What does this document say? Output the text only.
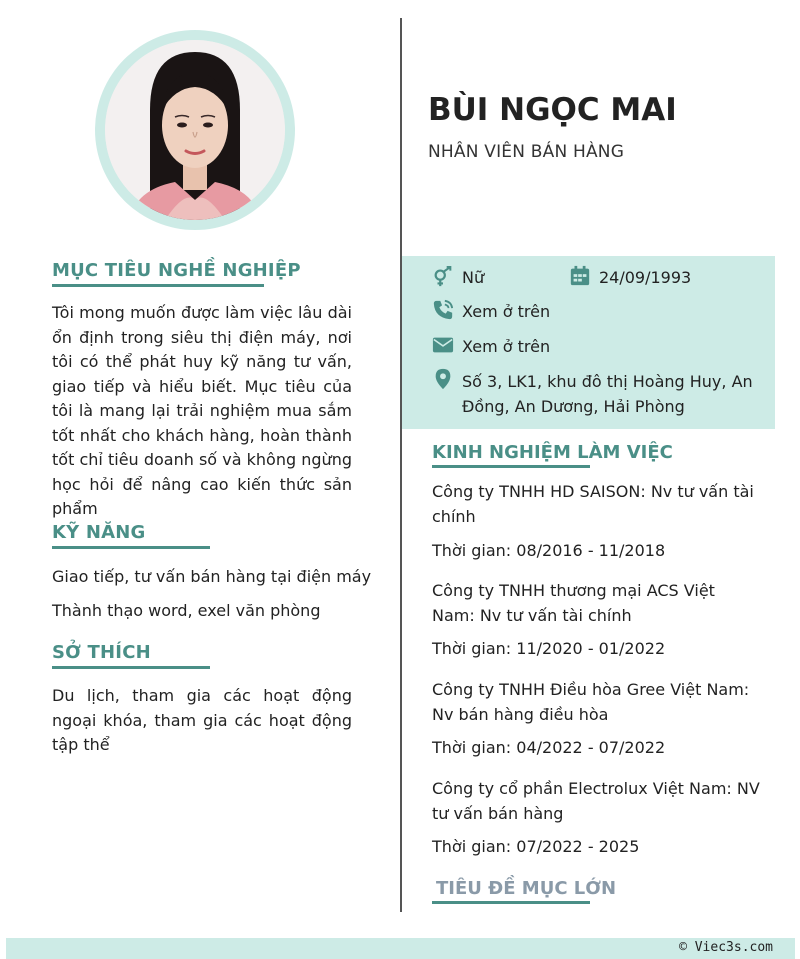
MỤC TIÊU NGHỀ NGHIỆP

Tôi mong muốn được làm việc lâu dài ổn định trong siêu thị điện máy, nơi tôi có thể phát huy kỹ năng tư vấn, giao tiếp và hiểu biết. Mục tiêu của tôi là mang lại trải nghiệm mua sắm tốt nhất cho khách hàng, hoàn thành tốt chỉ tiêu doanh số và không ngừng học hỏi để nâng cao kiến thức sản phẩm

KỸ NĂNG

Giao tiếp, tư vấn bán hàng tại điện máy

Thành thạo word, exel văn phòng

SỞ THÍCH

Du lịch, tham gia các hoạt động ngoại khóa, tham gia các hoạt động tập thể

BÙI NGỌC MAI

NHÂN VIÊN BÁN HÀNG

Nữ	24/09/1993

Xem ở trên

Xem ở trên

Số 3, LK1, khu đô thị Hoàng Huy, An

Đồng, An Dương, Hải Phòng

KINH NGHIỆM LÀM VIỆC

Công ty TNHH HD SAISON: Nv tư vấn tài chính

Thời gian: 08/2016 - 11/2018

Công ty TNHH thương mại ACS Việt Nam: Nv tư vấn tài chính

Thời gian: 11/2020 - 01/2022

Công ty TNHH Điều hòa Gree Việt Nam: Nv bán hàng điều hòa

Thời gian: 04/2022 - 07/2022

Công ty cổ phần Electrolux Việt Nam: NV tư vấn bán hàng

Thời gian: 07/2022 - 2025

TIÊU ĐỀ MỤC LỚN
© Viec3s.com
